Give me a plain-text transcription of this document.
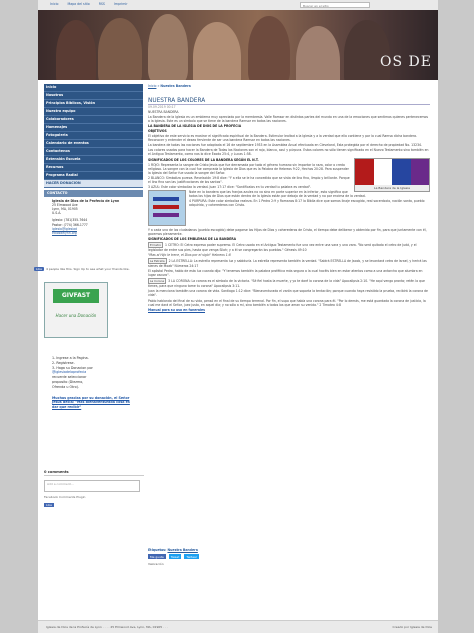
Inicio	Mapa del sitio	RSS	Imprimir	Buscar en el sitio
OS DE
Inicio
Nosotros
Principios Bíblicos, Visión
Nuestro equipo
Colaboradores
Homenajes
Fotogaleria
Calendario de eventos
Contactenos
Extensión Escuela
Recursos
Programa Radial
HACER DONACION
CONTACTO
Iglesia de Dios de la Profecía de Lynn
25 Elmwood Ave
Lynn, MA, 01905
U.S.A.
Iglesia: (781)355-7644
Pastor: (774) 366-1777
iglesia@iglesiad
ediosdelynn.org
Like 4 people like this. Sign Up to see what your friends like.
GIVFAST
Hacer una Donación
1- Ingrese a la Pagina.
2- Registrese.
3- Haga su Donacion por
@iglesiadelaprofecia
recuerde seleccionar
proposito (Diezmo,
Ofrenda u Otro).
Muchas gracias por su donación, el Señor Jesus decía: "Mas bienaventurada cosa es dar que recibir"
0 comments
Add a comment...
Facebook Comments Plugin
Like
Inicio » Nuestra Bandera
NUESTRA BANDERA

09.09.2019 00:17

NUESTRA BANDERA

La Bandera de la Iglesia es un emblema muy apreciado por la membresía. Valle Ramsor en distintas partes del mundo en una de la emociones que sentimos quienes pertenecemos a la Iglesia. Este es un símbolo que se tiene de la bandera Ramsor en todas las naciones.

LA BANDERA DE LA IGLESIA DE DIOS DE LA PROFECIA

OBJETIVOS

El objetivo de este servicio es mostrar el significado espiritual de la Bandera. Estimular lealtad a la Iglesia y a la verdad que ella contiene y por la cual Ramsa dicha bandera. Reconocer y entender el deseo ferviente de ser una bandera Ramsar en todas las naciones.

La bandera de todas las naciones fue adoptada el 16 de septiembre 1933 en la Asamblea Anual efectuada en Cleveland, Esta protegida por el derecho de propiedad No. 13234.

Los colores usados para hacer la Bandera de Todas las Naciones son el rojo, blanco, azul y púrpura. Estos colores no sólo tienen significado en el Nuevo Testamento sino también en el Antiguo Testamento, como nos lo dice Éxodo 25:4, y Lucas 1:58.

La Bandera de la Iglesia

SIGNIFICADOS DE LOS COLORES DE LA BANDERA SEGÚN EL N.T.

1 ROJO: Representa la sangre de Cristo Jesús que fue derramada por todo el género humano sin importar la raza, color o credo religioso. La sangre con la cual fue comprada la Iglesia de Dios que es la Palabra de Hebreos 9:22, Hechos 20:28. Para suspender la Iglesia del Señor fue usado la sangre del Señor.

2 BLANCO: Simboliza pureza. Revelación 19:8 dice: "Y a ella se le ha concedido que se vista de lino fino, limpio y brillante. Porque el lino fino son las justificaciones de los santos".

3 AZUL: Este color simboliza la verdad. Juan 17:17 dice: "Santifícalos en tu verdad tu palabra es verdad".

Note en la bandera que las franjas azules no va sino en parte superior en la inferior, esto significa que todos los hijos de Dios que están dentro de la Iglesia están por debajo de la verdad y no por encima de la verdad.

4 PURPURA: Este color simboliza realeza. En 1 Pedro 2:9 y Romanos 8:17 la Biblia dice que somos linaje escogido, real sacerdocio, nación santa, pueblo adquirido, y coherederos con Cristo.

Y a cada uno de los ciudadanos (pueblo escogido) debe pagarse los Hijos de Dios y coherederos de Cristo, el tiempo debe deliberar y obtenido por fin, para que juntamente con él, gocemos plenamente.

SIGNIFICADOS DE LOS EMBLEMAS DE LA BANDERA

El Cetro 1 CETRO: El Cetro expresa poder supremo. El Cetro usado en el Antiguo Testamento fue una vez entre una vara y una vara. "No será quitado el cetro de Judá, y el legislador de entre sus pies, hasta que venga Siloh; y a él se congregarán los pueblos." Génesis 49:10

"Mas al Hijo le trece, el Dios por el siglo" Hebreos 1:8

La Estrella 2 LA ESTRELLA: La estrella representa luz y sabiduría. La estrella representa también la verdad. "Saldrá ESTRELLA de Jacob, y se levantará cetro de Israel, y herirá las sienes de Moab" Números 24:17

El apóstol Pedro, hablo de esta luz cuando dijo: "Y tenemos también la palabra profética más segura a la cual hacéis bien en estar atentos como a una antorcha que alumbra en lugar oscuro".

La Corona 3 LA CORONA: La corona es el símbolo de la victoria. "Sé fiel hasta la muerte, y yo te daré la corona de la vida" Apocalipsis 2:10. "He aquí vengo pronto; retén lo que tienes, para que ninguno tome tu corona" Apocalipsis 3:11.

Juan la menciona también una corona de vida. Santiago 1:12 dice: "Bienaventurado el varón que soporta la tentación; porque cuando haya resistido la prueba, recibirá la corona de vida".

Pablo hablando del final de su vida, pensó en el final de su tiempo terrenal. Por fin, el supo que había una corona para él. "Por lo demás, me está guardada la corona de justicia, la cual me dará el Señor, juez justo, en aquel día; y no sólo a mí, sino también a todos los que aman su venida." 2 Timoteo 4:8

Manual para su uso en funerales

Etiquetas: Nuestra Bandera
Me gusta Tweet Twitear
Valoración
Iglesia de Dios de la Profecía de Lynn · · · · 25 Elmwood Ave, Lynn, MA, 01905 · · ·	Creado por Iglesia de Dios
